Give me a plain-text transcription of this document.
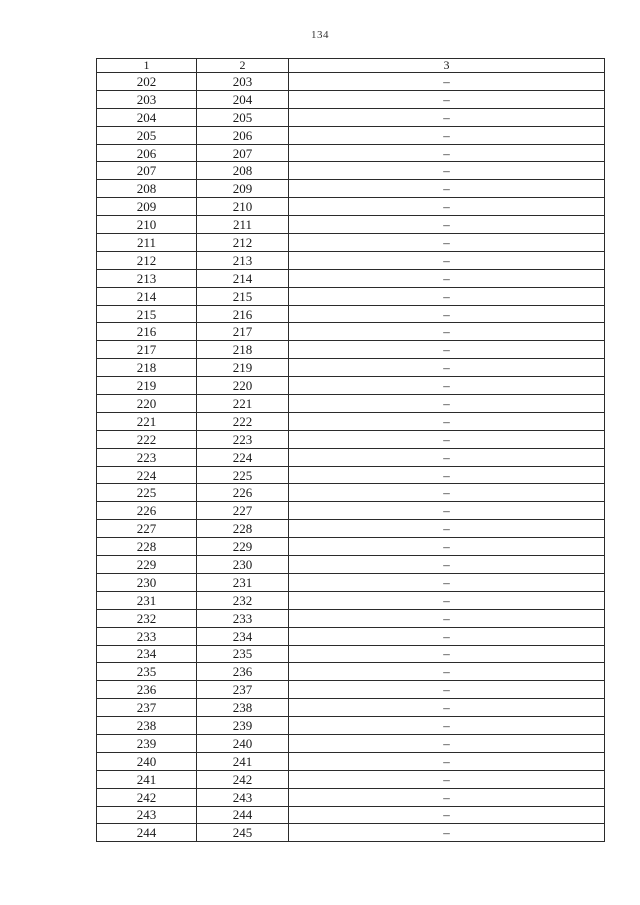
134
1	2	3
202	203	–
203	204	–
204	205	–
205	206	–
206	207	–
207	208	–
208	209	–
209	210	–
210	211	–
211	212	–
212	213	–
213	214	–
214	215	–
215	216	–
216	217	–
217	218	–
218	219	–
219	220	–
220	221	–
221	222	–
222	223	–
223	224	–
224	225	–
225	226	–
226	227	–
227	228	–
228	229	–
229	230	–
230	231	–
231	232	–
232	233	–
233	234	–
234	235	–
235	236	–
236	237	–
237	238	–
238	239	–
239	240	–
240	241	–
241	242	–
242	243	–
243	244	–
244	245	–
